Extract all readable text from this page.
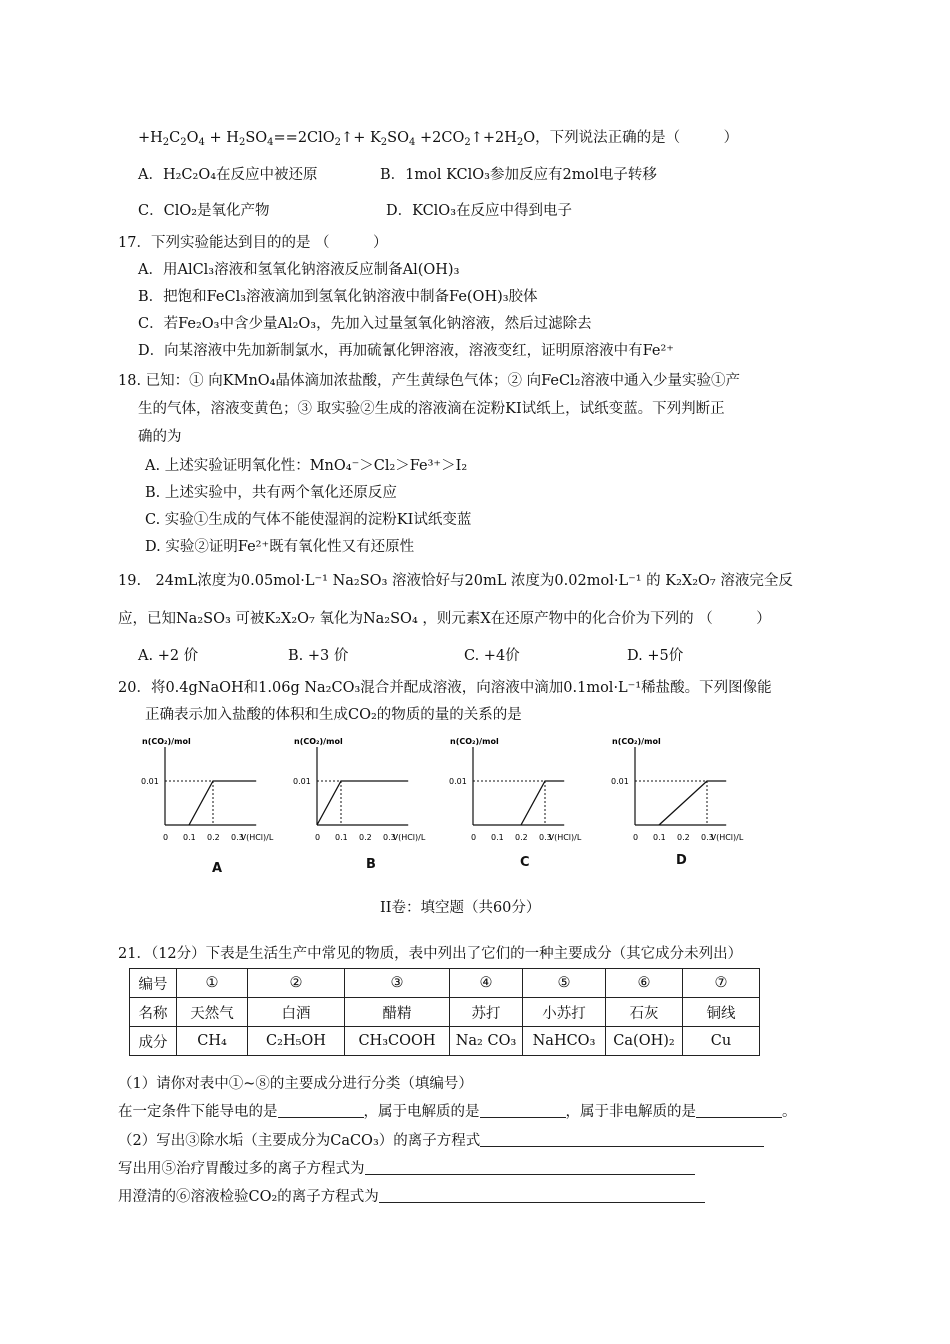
$+H_2C_2O_4$ + $H_2SO_4==2ClO_2↑+ K_2SO_4$ $+2CO_2↑+2H_2O$，下列说法正确的是（　　　）
A．H₂C₂O₄在反应中被还原	B．1mol KClO₃参加反应有2mol电子转移
C．ClO₂是氧化产物	D．KClO₃在反应中得到电子
17．下列实验能达到目的的是 （　　　）
A．用AlCl₃溶液和氢氧化钠溶液反应制备Al(OH)₃
B．把饱和FeCl₃溶液滴加到氢氧化钠溶液中制备Fe(OH)₃胶体
C．若Fe₂O₃中含少量Al₂O₃，先加入过量氢氧化钠溶液，然后过滤除去
D．向某溶液中先加新制氯水，再加硫氰化钾溶液，溶液变红，证明原溶液中有Fe²⁺
18. 已知：① 向KMnO₄晶体滴加浓盐酸，产生黄绿色气体；② 向FeCl₂溶液中通入少量实验①产
生的气体，溶液变黄色；③ 取实验②生成的溶液滴在淀粉KI试纸上，试纸变蓝。下列判断正
确的为
A. 上述实验证明氧化性：MnO₄⁻＞Cl₂＞Fe³⁺＞I₂
B. 上述实验中，共有两个氧化还原反应
C. 实验①生成的气体不能使湿润的淀粉KI试纸变蓝
D. 实验②证明Fe²⁺既有氧化性又有还原性
19.　24mL浓度为0.05mol·L⁻¹ Na₂SO₃ 溶液恰好与20mL 浓度为0.02mol·L⁻¹ 的 K₂X₂O₇ 溶液完全反
应，已知Na₂SO₃ 可被K₂X₂O₇ 氧化为Na₂SO₄ ，则元素X在还原产物中的化合价为下列的 （　　　）
A. +2 价	B. +3 价	C. +4价	D. +5价
20．将0.4gNaOH和1.06g Na₂CO₃混合并配成溶液，向溶液中滴加0.1mol·L⁻¹稀盐酸。下列图像能
正确表示加入盐酸的体积和生成CO₂的物质的量的关系的是
n(CO₂)/mol
V(HCl)/L
0 0.1 0.2 0.3
0.01
n(CO₂)/mol
V(HCl)/L
0 0.1 0.2 0.3
0.01
n(CO₂)/mol
V(HCl)/L
0 0.1 0.2 0.3
0.01
n(CO₂)/mol
V(HCl)/L
0 0.1 0.2 0.3
0.01
A	B	C	D
II卷：填空题（共60分）
21．（12分）下表是生活生产中常见的物质，表中列出了它们的一种主要成分（其它成分未列出）
编号	①	②	③	④	⑤	⑥	⑦
名称	天然气	白酒	醋精	苏打	小苏打	石灰	铜线
成分	CH₄	C₂H₅OH	CH₃COOH	Na₂ CO₃	NaHCO₃	Ca(OH)₂	Cu
（1）请你对表中①~⑧的主要成分进行分类（填编号）
在一定条件下能导电的是	，属于电解质的是	，属于非电解质的是	。
（2）写出③除水垢（主要成分为CaCO₃）的离子方程式
写出用⑤治疗胃酸过多的离子方程式为
用澄清的⑥溶液检验CO₂的离子方程式为
